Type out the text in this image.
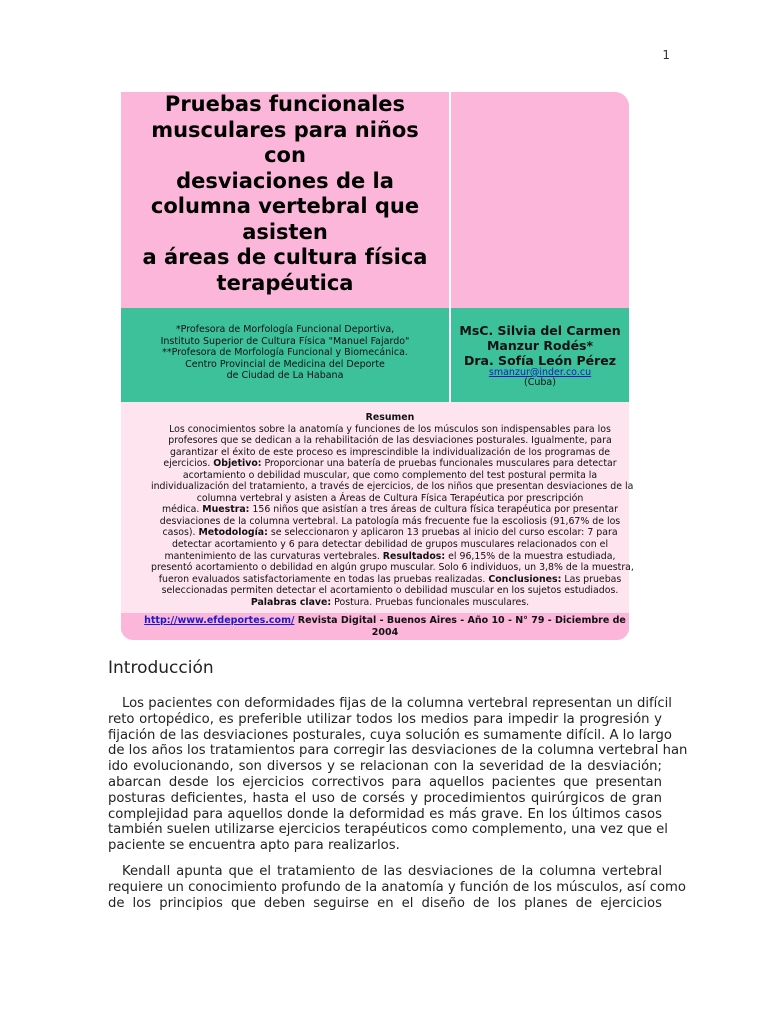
1
Pruebas funcionales
musculares para niños
con
desviaciones de la
columna vertebral que
asisten
a áreas de cultura física
terapéutica
*Profesora de Morfología Funcional Deportiva,
Instituto Superior de Cultura Física "Manuel Fajardo"
**Profesora de Morfología Funcional y Biomecánica.
Centro Provincial de Medicina del Deporte
de Ciudad de La Habana
MsC. Silvia del Carmen
Manzur Rodés*
Dra. Sofía León Pérez
smanzur@inder.co.cu
(Cuba)
Resumen
Los conocimientos sobre la anatomía y funciones de los músculos son indispensables para los
profesores que se dedican a la rehabilitación de las desviaciones posturales. Igualmente, para
garantizar el éxito de este proceso es imprescindible la individualización de los programas de
ejercicios. Objetivo: Proporcionar una batería de pruebas funcionales musculares para detectar
acortamiento o debilidad muscular, que como complemento del test postural permita la
individualización del tratamiento, a través de ejercicios, de los niños que presentan desviaciones de la
columna vertebral y asisten a Áreas de Cultura Física Terapéutica por prescripción
médica. Muestra: 156 niños que asistían a tres áreas de cultura física terapéutica por presentar
desviaciones de la columna vertebral. La patología más frecuente fue la escoliosis (91,67% de los
casos). Metodología: se seleccionaron y aplicaron 13 pruebas al inicio del curso escolar: 7 para
detectar acortamiento y 6 para detectar debilidad de grupos musculares relacionados con el
mantenimiento de las curvaturas vertebrales. Resultados: el 96,15% de la muestra estudiada,
presentó acortamiento o debilidad en algún grupo muscular. Solo 6 individuos, un 3,8% de la muestra,
fueron evaluados satisfactoriamente en todas las pruebas realizadas. Conclusiones: Las pruebas
seleccionadas permiten detectar el acortamiento o debilidad muscular en los sujetos estudiados.
Palabras clave: Postura. Pruebas funcionales musculares.
http://www.efdeportes.com/ Revista Digital - Buenos Aires - Año 10 - N° 79 - Diciembre de
2004
Introducción
Los pacientes con deformidades fijas de la columna vertebral representan un difícil
reto ortopédico, es preferible utilizar todos los medios para impedir la progresión y
fijación de las desviaciones posturales, cuya solución es sumamente difícil. A lo largo
de los años los tratamientos para corregir las desviaciones de la columna vertebral han
ido evolucionando, son diversos y se relacionan con la severidad de la desviación;
abarcan desde los ejercicios correctivos para aquellos pacientes que presentan
posturas deficientes, hasta el uso de corsés y procedimientos quirúrgicos de gran
complejidad para aquellos donde la deformidad es más grave. En los últimos casos
también suelen utilizarse ejercicios terapéuticos como complemento, una vez que el
paciente se encuentra apto para realizarlos.
Kendall apunta que el tratamiento de las desviaciones de la columna vertebral
requiere un conocimiento profundo de la anatomía y función de los músculos, así como
de los principios que deben seguirse en el diseño de los planes de ejercicios
